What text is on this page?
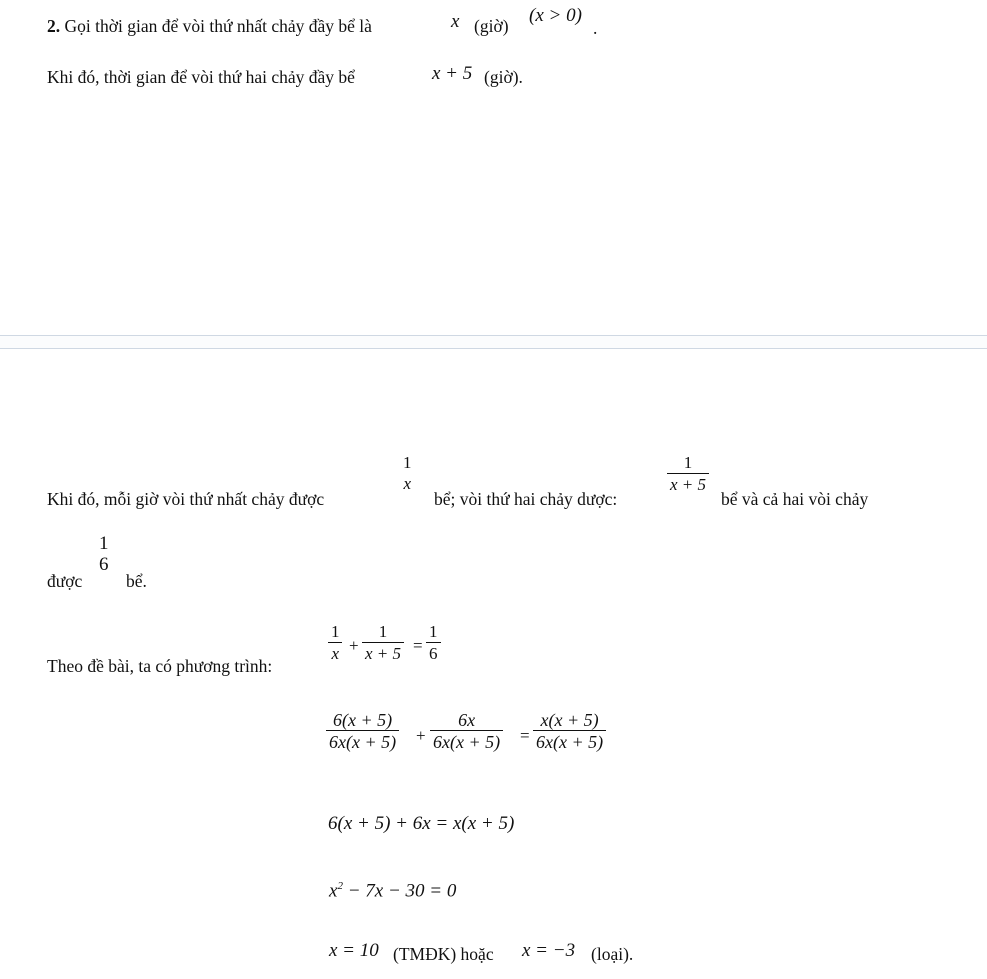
2. Gọi thời gian để vòi thứ nhất chảy đầy bể là	x (giờ) (x > 0)
.
Khi đó, thời gian để vòi thứ hai chảy đầy bể	x + 5 (giờ).
Khi đó, mỗi giờ vòi thứ nhất chảy được
1
x
bể; vòi thứ hai chảy dược:
$\frac{1}{x + 5}$
bể và cả hai vòi chảy
được
1
6
bể.
Theo đề bài, ta có phương trình:
$\frac{1}{x} + \frac{1}{x + 5} = \frac{1}{6}$
$\frac{6(x + 5)}{6x(x + 5)} + \frac{6x}{6x(x + 5)} = \frac{x(x + 5)}{6x(x + 5)}$
6(x + 5) + 6x = x(x + 5)
$x^2 - 7x - 30 = 0$
x = 10 (TMĐK) hoặc x = −3 (loại).
